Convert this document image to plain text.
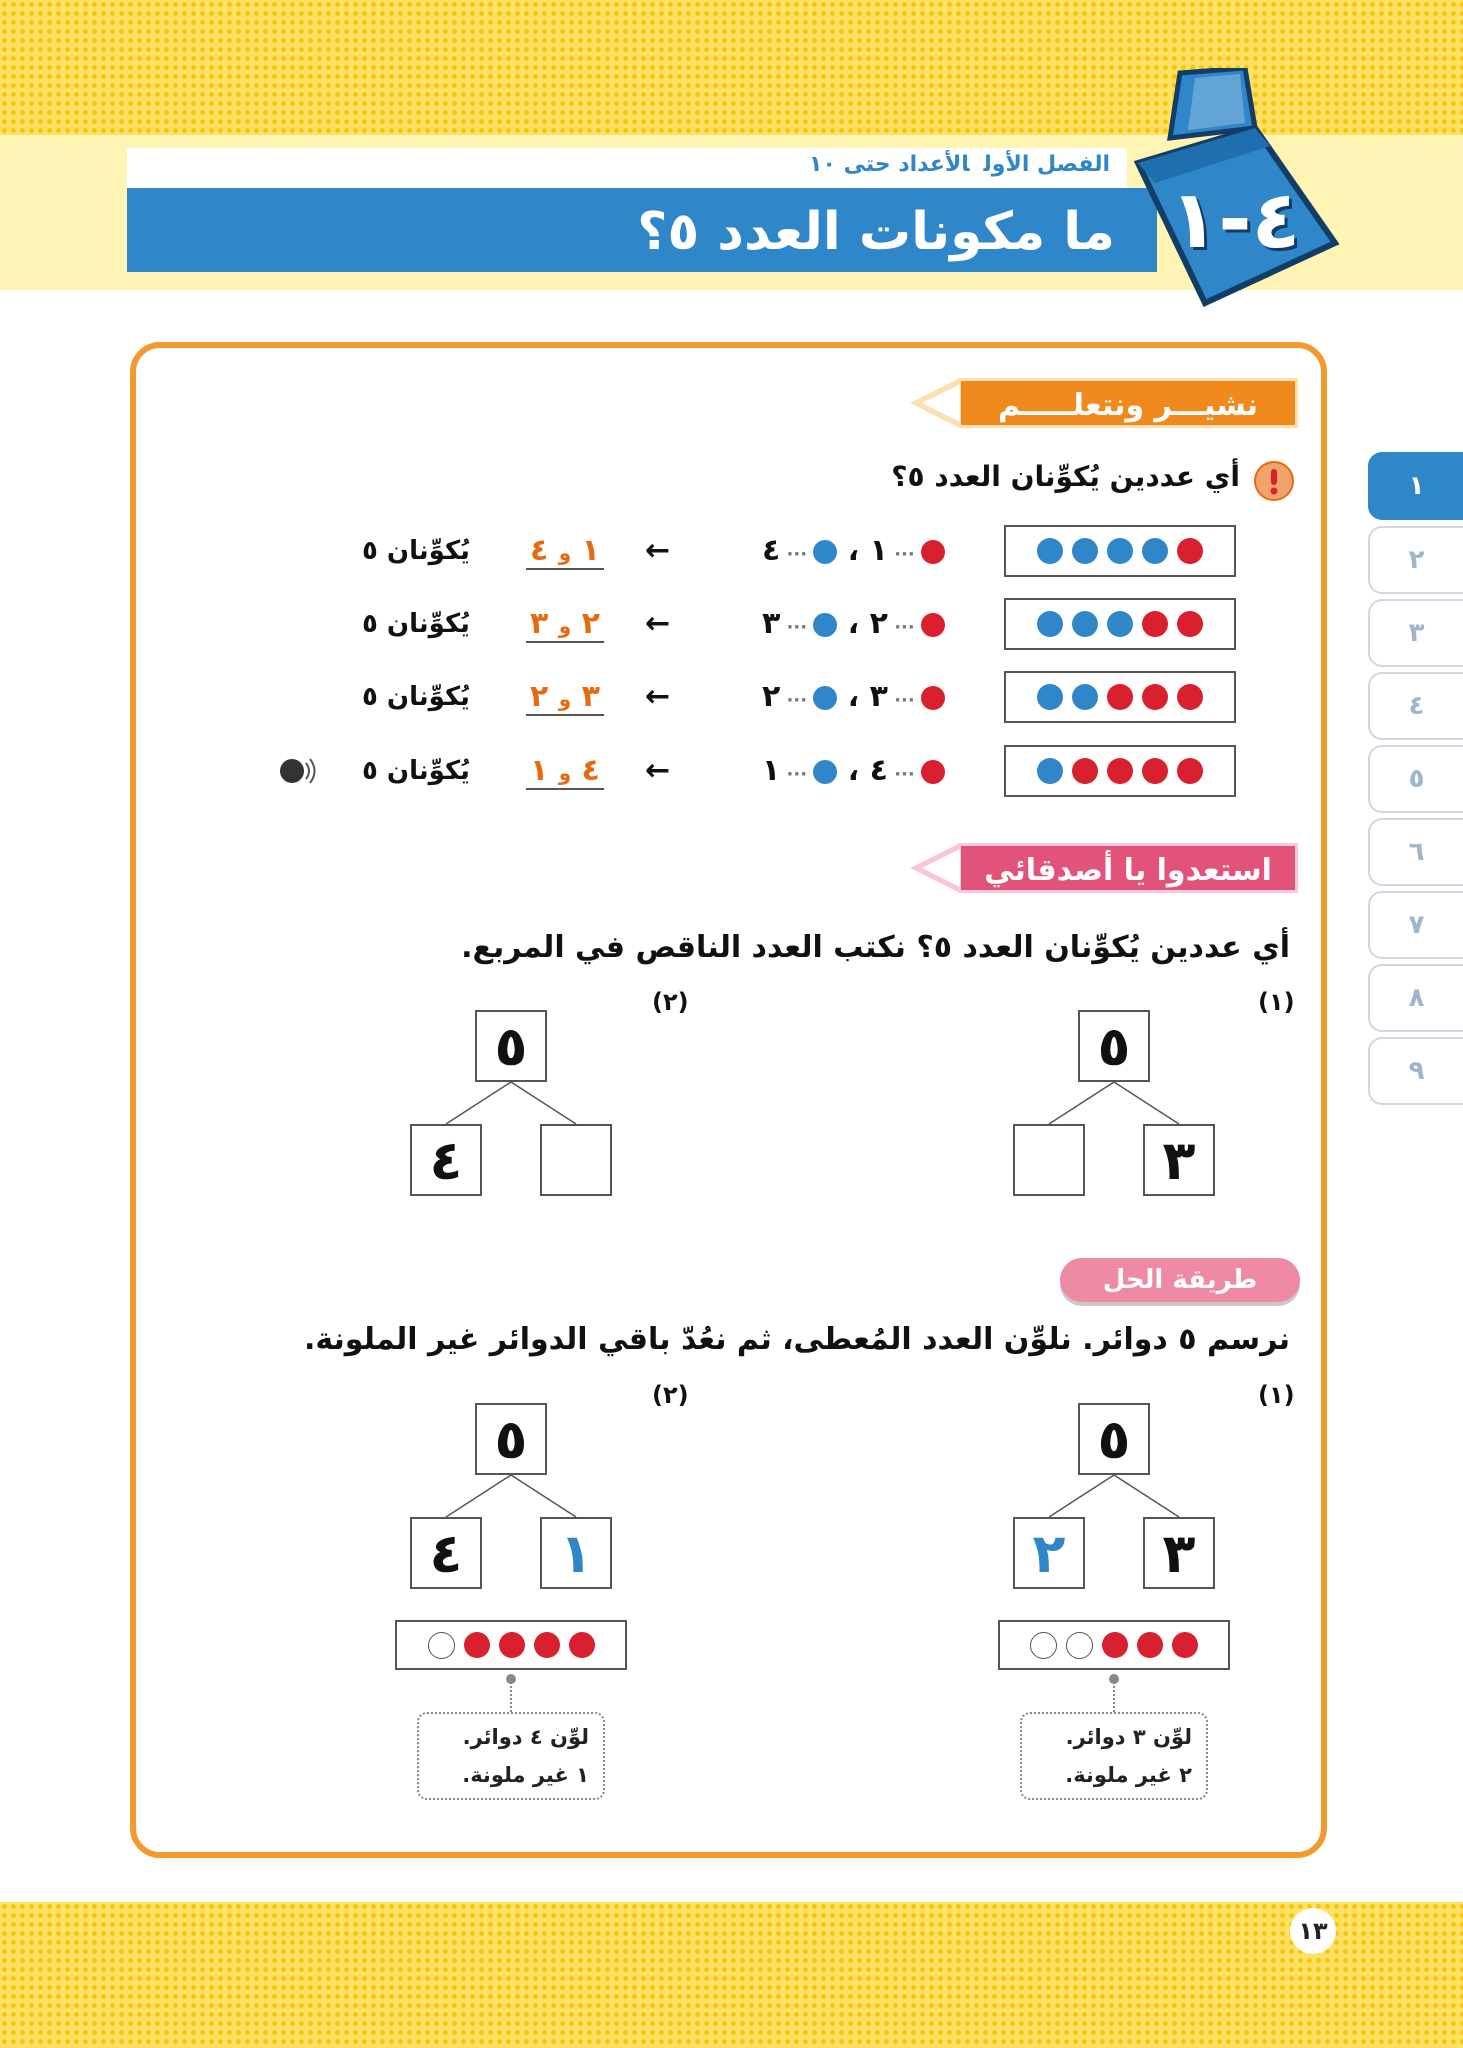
الفصل الأولالأعداد حتى ١٠
ما مكونات العدد ٥؟ ٤-١
١
٢
٣
٤
٥
٦
٧
٨
٩
نشيـــر ونتعلـــــم
أي عددين يُكوِّنان العدد ٥؟
··· ١ ،  ··· ٤
←
١ و ٤
يُكوِّنان ٥
··· ٢ ،  ··· ٣
←
٢ و ٣
يُكوِّنان ٥
··· ٣ ،  ··· ٢
←
٣ و ٢
يُكوِّنان ٥
··· ٤ ،  ··· ١
←
٤ و ١
يُكوِّنان ٥
استعدوا يا أصدقائي
أي عددين يُكوِّنان العدد ٥؟ نكتب العدد الناقص في المربع.
(١)
٥
٣
(٢)
٥
٤
طريقة الحل
نرسم ٥ دوائر. نلوِّن العدد المُعطى، ثم نعُدّ باقي الدوائر غير الملونة.
(١)
٥
٣
٢
لوِّن ٣ دوائر.
٢ غير ملونة.
(٢)
٥
١
٤
لوِّن ٤ دوائر.
١ غير ملونة.
١٣
